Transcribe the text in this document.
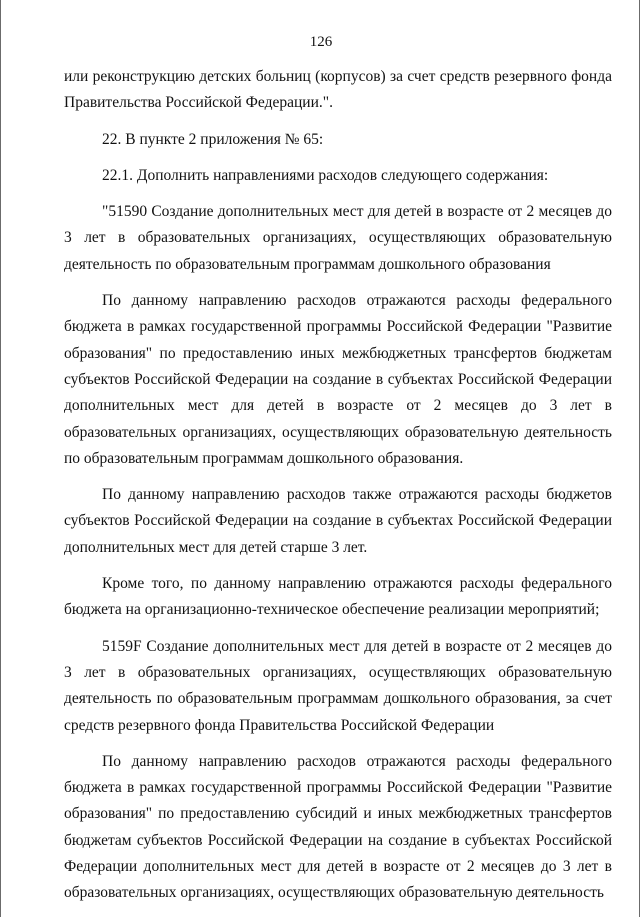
126

или реконструкцию детских больниц (корпусов) за счет средств резервного фонда Правительства Российской Федерации.".

22. В пункте 2 приложения № 65:

22.1. Дополнить направлениями расходов следующего содержания:

"51590 Создание дополнительных мест для детей в возрасте от 2 месяцев до 3 лет в образовательных организациях, осуществляющих образовательную деятельность по образовательным программам дошкольного образования

По данному направлению расходов отражаются расходы федерального бюджета в рамках государственной программы Российской Федерации "Развитие образования" по предоставлению иных межбюджетных трансфертов бюджетам субъектов Российской Федерации на создание в субъектах Российской Федерации дополнительных мест для детей в возрасте от 2 месяцев до 3 лет в образовательных организациях, осуществляющих образовательную деятельность по образовательным программам дошкольного образования.

По данному направлению расходов также отражаются расходы бюджетов субъектов Российской Федерации на создание в субъектах Российской Федерации дополнительных мест для детей старше 3 лет.

Кроме того, по данному направлению отражаются расходы федерального бюджета на организационно-техническое обеспечение реализации мероприятий;

5159F Создание дополнительных мест для детей в возрасте от 2 месяцев до 3 лет в образовательных организациях, осуществляющих образовательную деятельность по образовательным программам дошкольного образования, за счет средств резервного фонда Правительства Российской Федерации

По данному направлению расходов отражаются расходы федерального бюджета в рамках государственной программы Российской Федерации "Развитие образования" по предоставлению субсидий и иных межбюджетных трансфертов бюджетам субъектов Российской Федерации на создание в субъектах Российской Федерации дополнительных мест для детей в возрасте от 2 месяцев до 3 лет в образовательных организациях, осуществляющих образовательную деятельность
